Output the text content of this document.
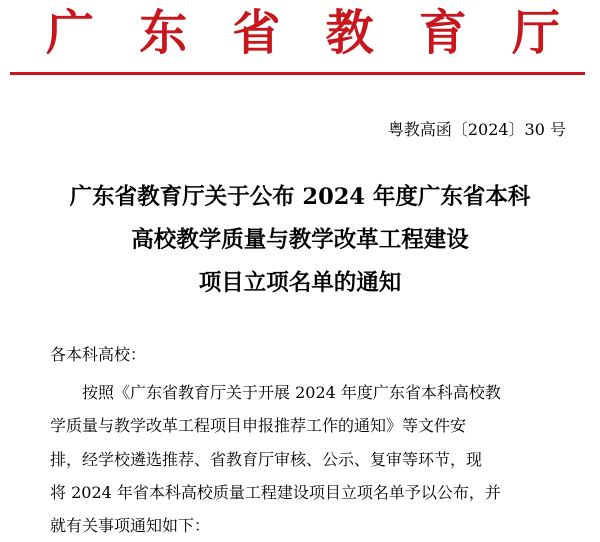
广 东 省 教 育 厅
粤教高函〔2024〕30 号
广东省教育厅关于公布 2024 年度广东省本科
高校教学质量与教学改革工程建设
项目立项名单的通知
各本科高校：
　　按照《广东省教育厅关于开展 2024 年度广东省本科高校教
学质量与教学改革工程项目申报推荐工作的通知》等文件安
排，经学校遴选推荐、省教育厅审核、公示、复审等环节，现
将 2024 年省本科高校质量工程建设项目立项名单予以公布，并
就有关事项通知如下：
